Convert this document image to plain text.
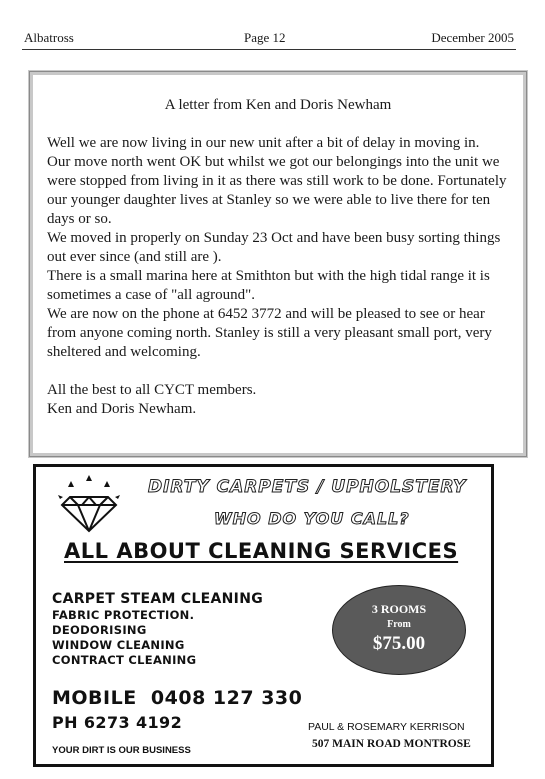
Albatross	Page 12	December 2005
A letter from Ken and Doris Newham

Well we are now living in our new unit after a bit of delay in moving in.

Our move north went OK but whilst we got our belongings into the unit we were stopped from living in it as there was still work to be done. Fortunately our younger daughter lives at Stanley so we were able to live there for ten days or so.

We moved in properly on Sunday 23 Oct and have been busy sorting things out ever since (and still are ).

There is a small marina here at Smithton but with the high tidal range it is sometimes a case of "all aground".

We are now on the phone at 6452 3772 and will be pleased to see or hear from anyone coming north. Stanley is still a very pleasant small port, very sheltered and welcoming.

All the best to all CYCT members.

Ken and Doris Newham.

DIRTY CARPETS / UPHOLSTERY
WHO DO YOU CALL?
ALL ABOUT CLEANING SERVICES

CARPET STEAM CLEANING

FABRIC PROTECTION.

DEODORISING

WINDOW CLEANING

CONTRACT CLEANING

3 ROOMS
From
$75.00
MOBILE  0408 127 330
PH 6273 4192	PAUL & ROSEMARY KERRISON
507 MAIN ROAD MONTROSE
YOUR DIRT IS OUR BUSINESS
